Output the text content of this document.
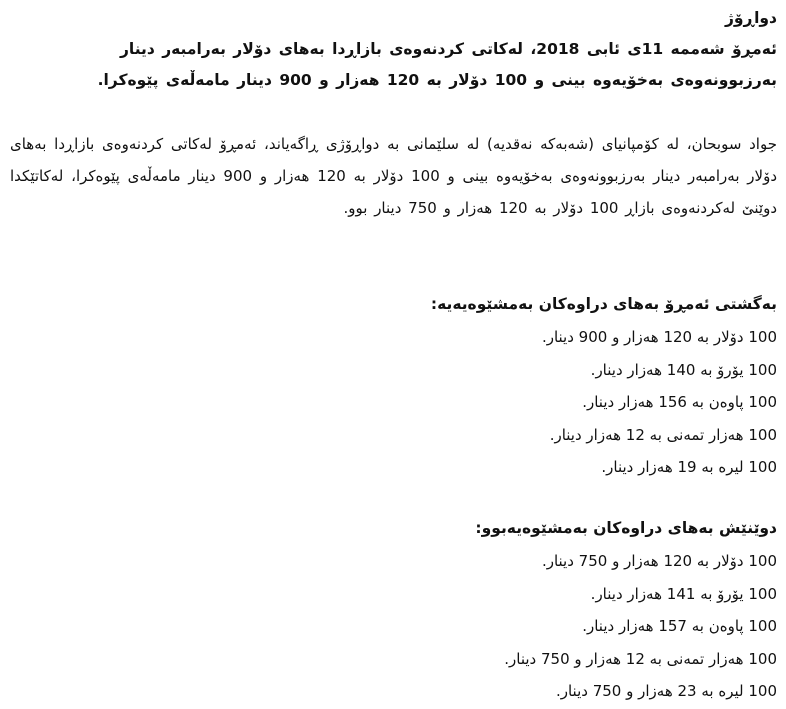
دواڕۆژ
ئەمڕۆ شەممە 11ی ئابی 2018، لەکاتی کردنەوەی بازاڕدا بەهای دۆلار بەرامبەر دینار بەرزبوونەوەی بەخۆیەوە بینی و 100 دۆلار بە 120 هەزار و 900 دینار مامەڵەی پێوەکرا.
جواد سوبحان، لە کۆمپانیای (شەبەکە نەقدیە) لە سلێمانی بە دواڕۆژی ڕاگەیاند، ئەمڕۆ لەکاتی کردنەوەی بازاڕدا بەهای دۆلار بەرامبەر دینار بەرزبوونەوەی بەخۆیەوە بینی و 100 دۆلار بە 120 هەزار و 900 دینار مامەڵەی پێوەکرا، لەکاتێکدا دوێنێ لەکردنەوەی بازاڕ 100 دۆلار بە 120 هەزار و 750 دینار بوو.
بەگشتی ئەمڕۆ بەهای دراوەکان بەمشێوەیەیە:
100 دۆلار بە 120 هەزار و 900 دینار.
100 یۆرۆ بە 140 هەزار دینار.
100 پاوەن بە 156 هەزار دینار.
100 هەزار تمەنی بە 12 هەزار دینار.
100 لیرە بە 19 هەزار دینار.
دوێنێش بەهای دراوەکان بەمشێوەیەبوو:
100 دۆلار بە 120 هەزار و 750 دینار.
100 یۆرۆ بە 141 هەزار دینار.
100 پاوەن بە 157 هەزار دینار.
100 هەزار تمەنی بە 12 هەزار و 750 دینار.
100 لیرە بە 23 هەزار و 750 دینار.
